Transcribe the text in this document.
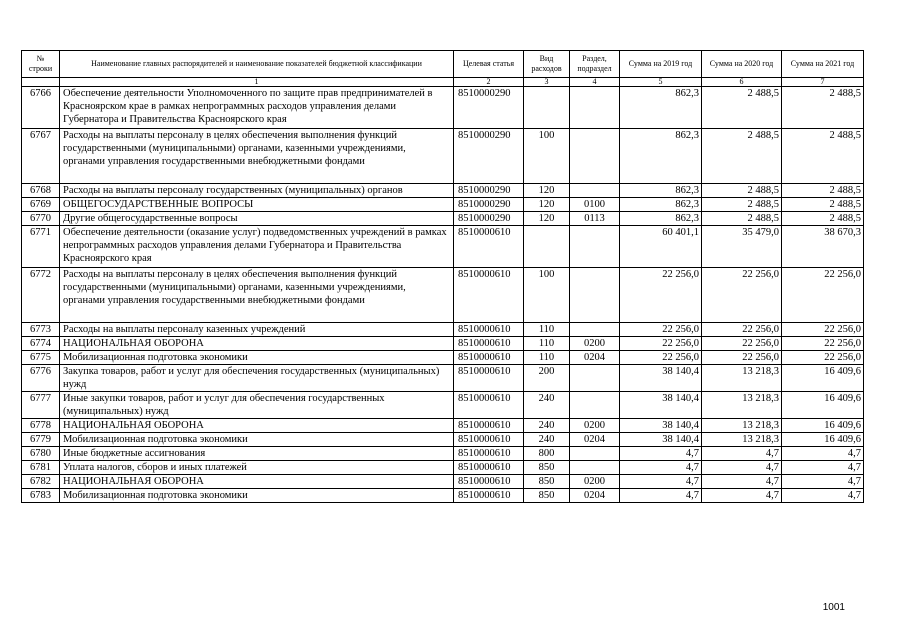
№ строки	Наименование главных распорядителей и наименование показателей бюджетной классификации	Целевая статья	Вид расходов	Раздел, подраздел	Сумма на 2019 год	Сумма на 2020 год	Сумма на 2021 год
	1	2	3	4	5	6	7
6766	Обеспечение деятельности Уполномоченного по защите прав предпринимателей в Красноярском крае в рамках непрограммных расходов управления делами Губернатора и Правительства Красноярского края	8510000290			862,3	2 488,5	2 488,5
6767	Расходы на выплаты персоналу в целях обеспечения выполнения функций государственными (муниципальными) органами, казенными учреждениями, органами управления государственными внебюджетными фондами	8510000290	100		862,3	2 488,5	2 488,5
6768	Расходы на выплаты персоналу государственных (муниципальных) органов	8510000290	120		862,3	2 488,5	2 488,5
6769	ОБЩЕГОСУДАРСТВЕННЫЕ ВОПРОСЫ	8510000290	120	0100	862,3	2 488,5	2 488,5
6770	Другие общегосударственные вопросы	8510000290	120	0113	862,3	2 488,5	2 488,5
6771	Обеспечение деятельности (оказание услуг) подведомственных учреждений в рамках непрограммных расходов управления делами Губернатора и Правительства Красноярского края	8510000610			60 401,1	35 479,0	38 670,3
6772	Расходы на выплаты персоналу в целях обеспечения выполнения функций государственными (муниципальными) органами, казенными учреждениями, органами управления государственными внебюджетными фондами	8510000610	100		22 256,0	22 256,0	22 256,0
6773	Расходы на выплаты персоналу казенных учреждений	8510000610	110		22 256,0	22 256,0	22 256,0
6774	НАЦИОНАЛЬНАЯ ОБОРОНА	8510000610	110	0200	22 256,0	22 256,0	22 256,0
6775	Мобилизационная подготовка экономики	8510000610	110	0204	22 256,0	22 256,0	22 256,0
6776	Закупка товаров, работ и услуг для обеспечения государственных (муниципальных) нужд	8510000610	200		38 140,4	13 218,3	16 409,6
6777	Иные закупки товаров, работ и услуг для обеспечения государственных (муниципальных) нужд	8510000610	240		38 140,4	13 218,3	16 409,6
6778	НАЦИОНАЛЬНАЯ ОБОРОНА	8510000610	240	0200	38 140,4	13 218,3	16 409,6
6779	Мобилизационная подготовка экономики	8510000610	240	0204	38 140,4	13 218,3	16 409,6
6780	Иные бюджетные ассигнования	8510000610	800		4,7	4,7	4,7
6781	Уплата налогов, сборов и иных платежей	8510000610	850		4,7	4,7	4,7
6782	НАЦИОНАЛЬНАЯ ОБОРОНА	8510000610	850	0200	4,7	4,7	4,7
6783	Мобилизационная подготовка экономики	8510000610	850	0204	4,7	4,7	4,7
1001
